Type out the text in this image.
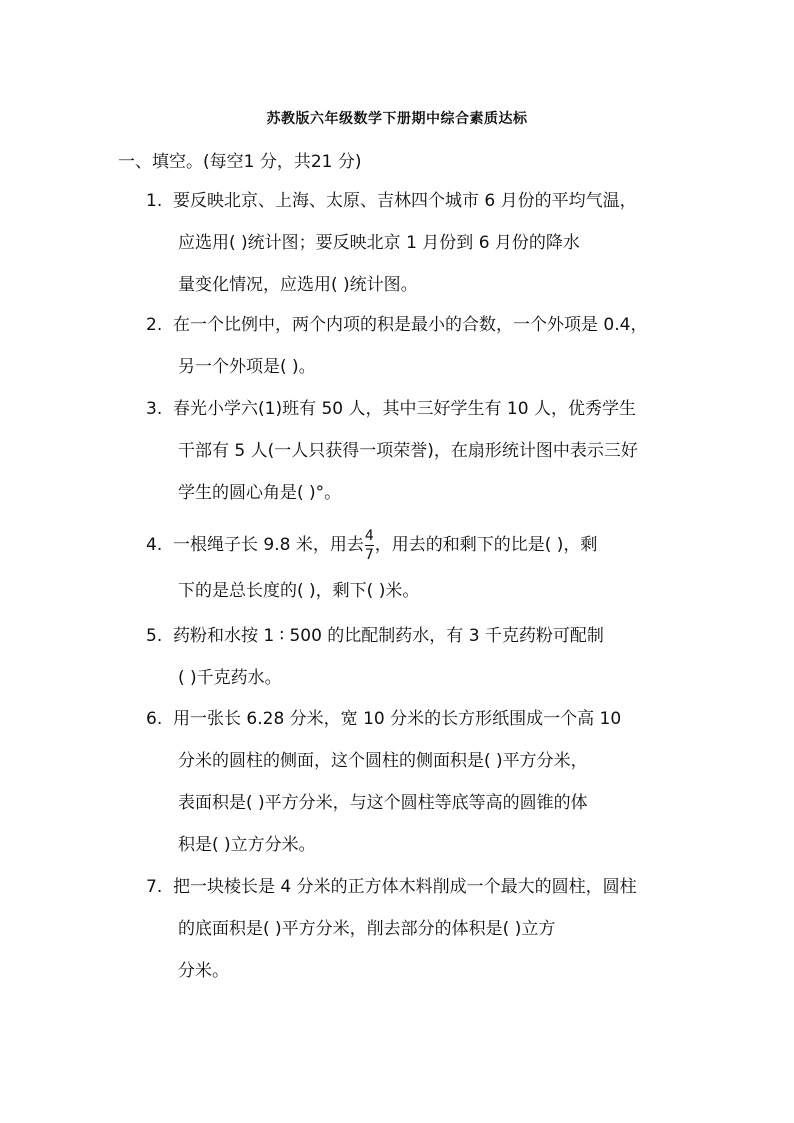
苏教版六年级数学下册期中综合素质达标
一、填空。(每空1 分，共21 分)
1. 要反映北京、上海、太原、吉林四个城市 6 月份的平均气温，
应选用( )统计图；要反映北京 1 月份到 6 月份的降水
量变化情况，应选用( )统计图。
2. 在一个比例中，两个内项的积是最小的合数，一个外项是 0.4，
另一个外项是( )。
3. 春光小学六(1)班有 50 人，其中三好学生有 10 人，优秀学生
干部有 5 人(一人只获得一项荣誉)，在扇形统计图中表示三好
学生的圆心角是( )°。
4. 一根绳子长 9.8 米，用去 $\frac{4}{7}$ ，用去的和剩下的比是( )，剩
下的是总长度的( )，剩下( )米。
5. 药粉和水按 1 ∶ 500 的比配制药水，有 3 千克药粉可配制
( )千克药水。
6. 用一张长 6.28 分米，宽 10 分米的长方形纸围成一个高 10
分米的圆柱的侧面，这个圆柱的侧面积是( )平方分米，
表面积是( )平方分米，与这个圆柱等底等高的圆锥的体
积是( )立方分米。
7. 把一块棱长是 4 分米的正方体木料削成一个最大的圆柱，圆柱
的底面积是( )平方分米，削去部分的体积是( )立方
分米。
